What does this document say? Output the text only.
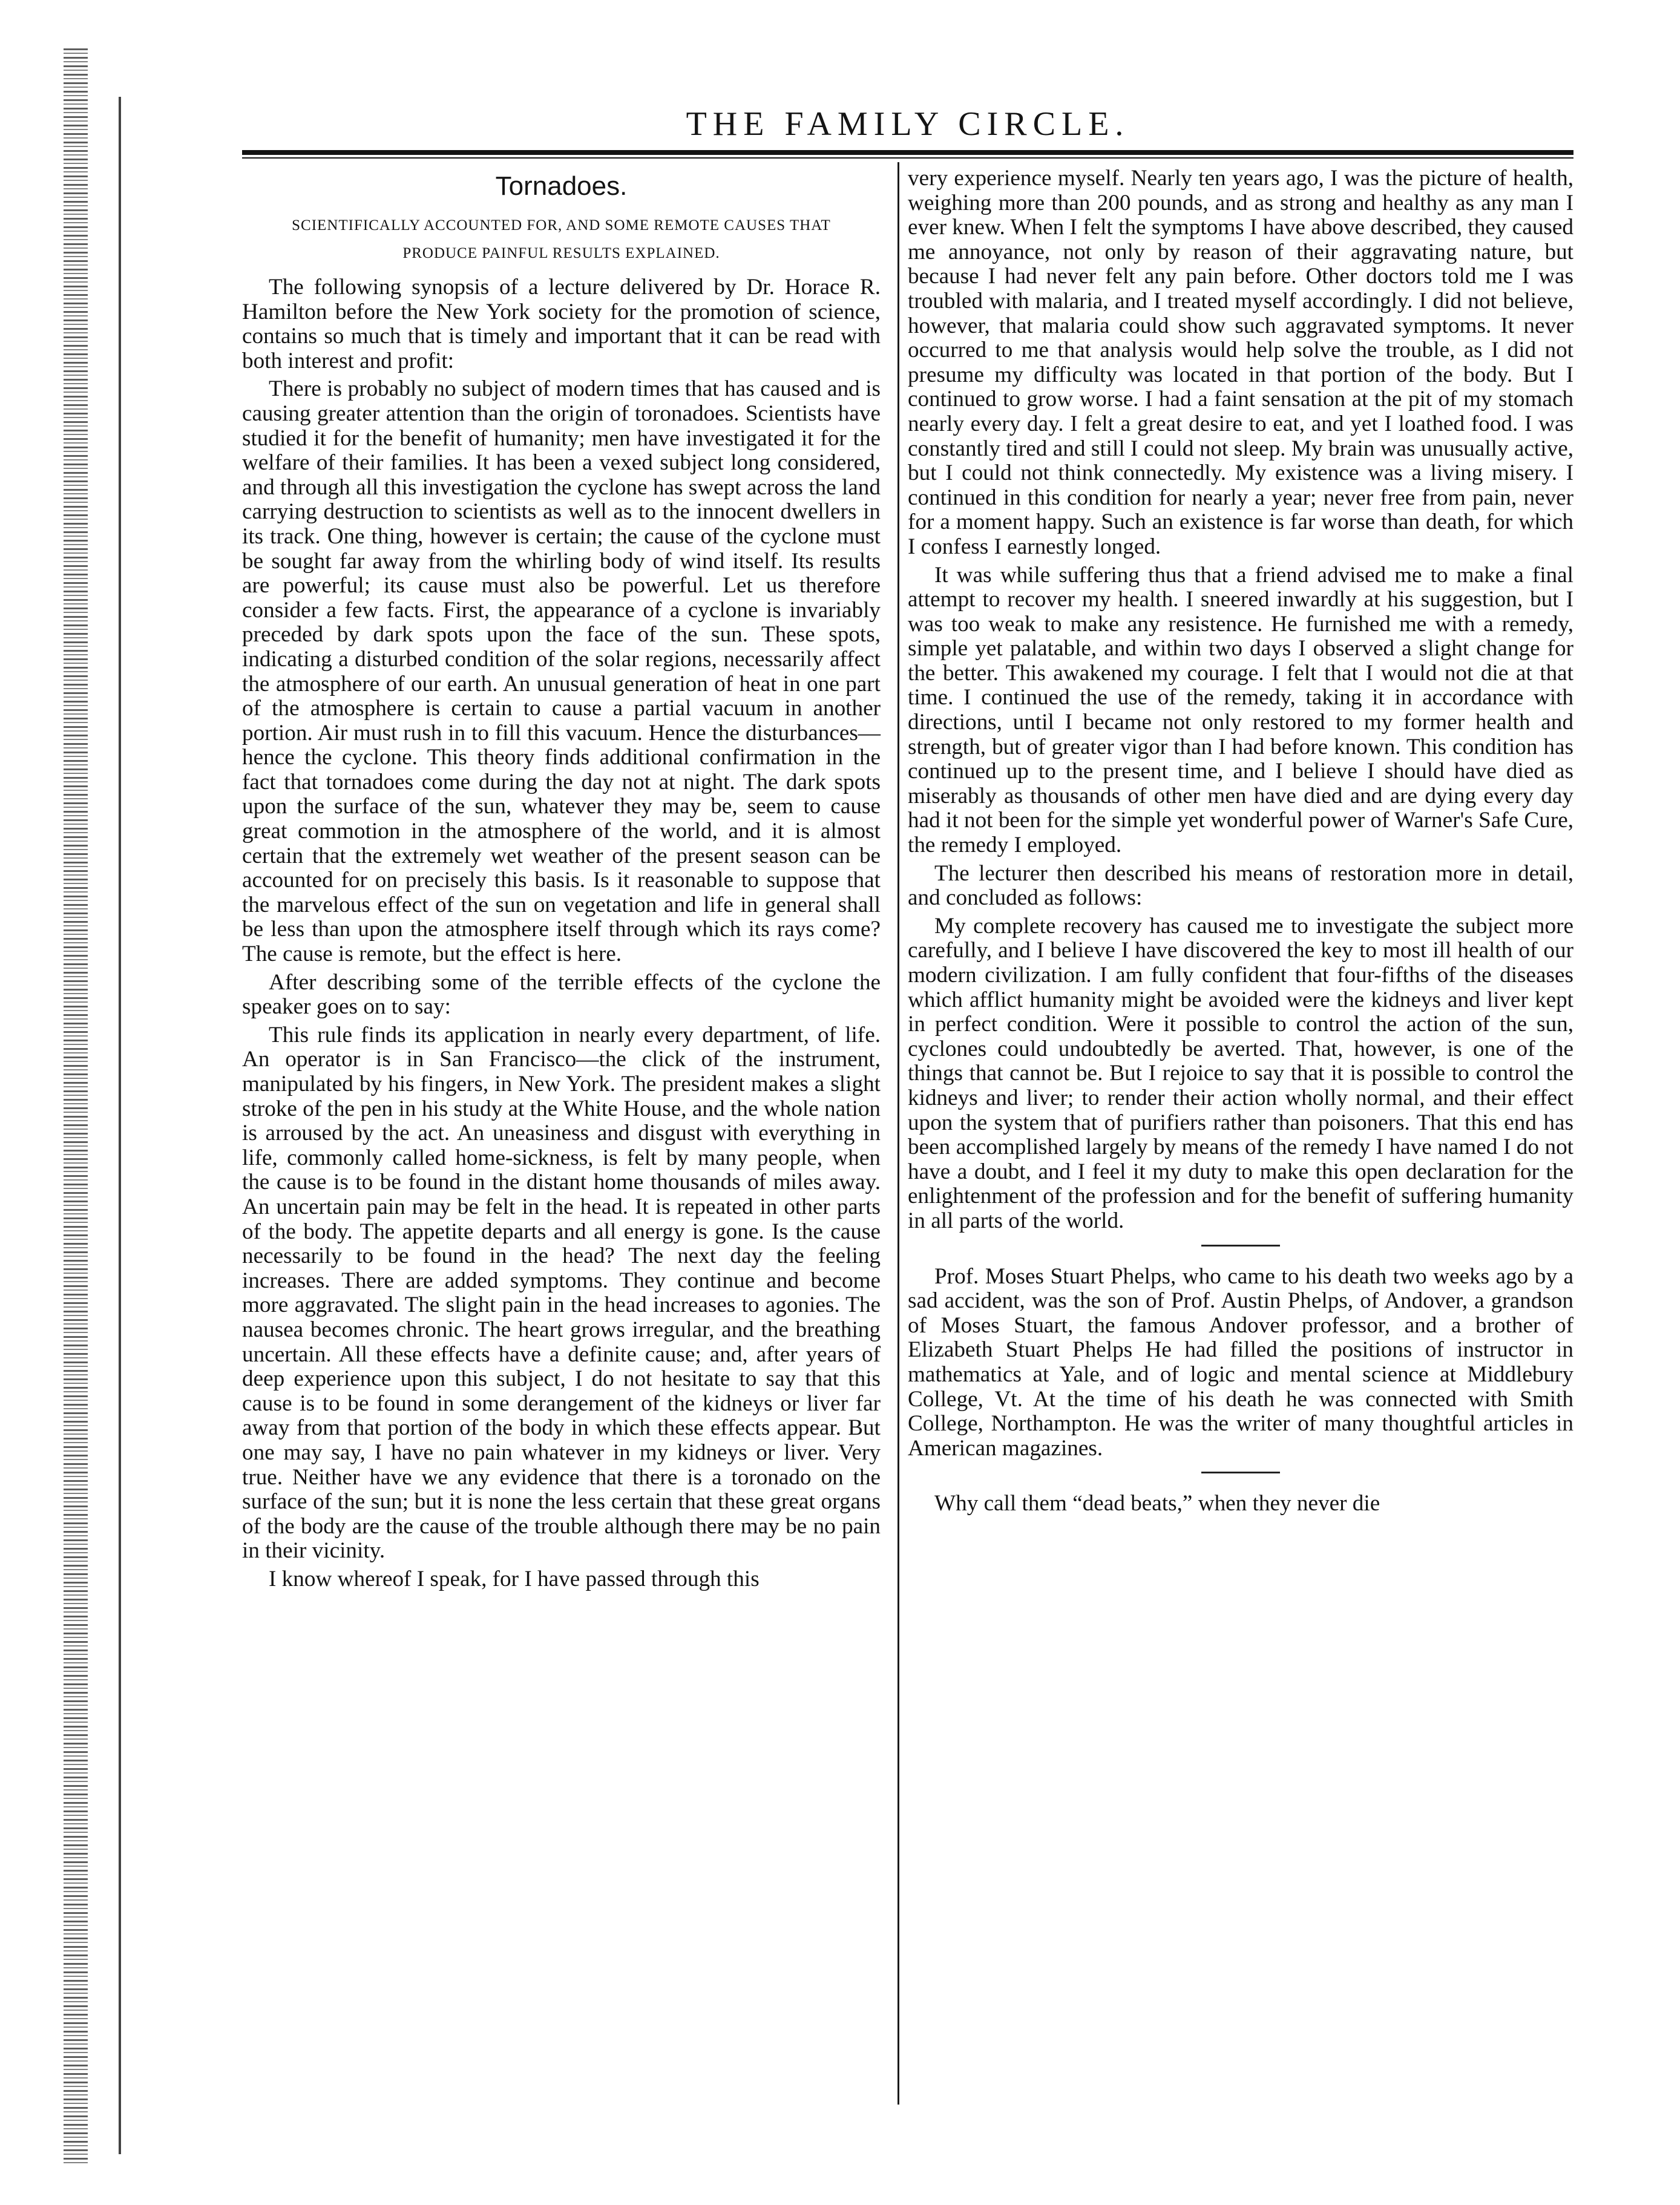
THE FAMILY CIRCLE.
Tornadoes.
SCIENTIFICALLY ACCOUNTED FOR, AND SOME REMOTE CAUSES THAT
PRODUCE PAINFUL RESULTS EXPLAINED.

The following synopsis of a lecture delivered by Dr. Horace R. Hamilton before the New York society for the promotion of science, contains so much that is timely and important that it can be read with both interest and profit:

There is probably no subject of modern times that has caused and is causing greater attention than the origin of toronadoes. Scientists have studied it for the benefit of humanity; men have investigated it for the welfare of their families. It has been a vexed subject long considered, and through all this investigation the cyclone has swept across the land carrying destruction to scientists as well as to the innocent dwellers in its track. One thing, however is certain; the cause of the cyclone must be sought far away from the whirling body of wind itself. Its results are powerful; its cause must also be powerful. Let us therefore consider a few facts. First, the appearance of a cyclone is invariably preceded by dark spots upon the face of the sun. These spots, indicating a disturbed condition of the solar regions, necessarily affect the atmosphere of our earth. An unusual generation of heat in one part of the atmosphere is certain to cause a partial vacuum in another portion. Air must rush in to fill this vacuum. Hence the disturbances—hence the cyclone. This theory finds additional confirmation in the fact that tornadoes come during the day not at night. The dark spots upon the surface of the sun, whatever they may be, seem to cause great commotion in the atmosphere of the world, and it is almost certain that the extremely wet weather of the present season can be accounted for on precisely this basis. Is it reasonable to suppose that the marvelous effect of the sun on vegetation and life in general shall be less than upon the atmosphere itself through which its rays come? The cause is remote, but the effect is here.

After describing some of the terrible effects of the cyclone the speaker goes on to say:

This rule finds its application in nearly every department, of life. An operator is in San Francisco—the click of the instrument, manipulated by his fingers, in New York. The president makes a slight stroke of the pen in his study at the White House, and the whole nation is arroused by the act. An uneasiness and disgust with everything in life, commonly called home-sickness, is felt by many people, when the cause is to be found in the distant home thousands of miles away. An uncertain pain may be felt in the head. It is repeated in other parts of the body. The appetite departs and all energy is gone. Is the cause necessarily to be found in the head? The next day the feeling increases. There are added symptoms. They continue and become more aggravated. The slight pain in the head increases to agonies. The nausea becomes chronic. The heart grows irregular, and the breathing uncertain. All these effects have a definite cause; and, after years of deep experience upon this subject, I do not hesitate to say that this cause is to be found in some derangement of the kidneys or liver far away from that portion of the body in which these effects appear. But one may say, I have no pain whatever in my kidneys or liver. Very true. Neither have we any evidence that there is a toronado on the surface of the sun; but it is none the less certain that these great organs of the body are the cause of the trouble although there may be no pain in their vicinity.

I know whereof I speak, for I have passed through this

very experience myself. Nearly ten years ago, I was the picture of health, weighing more than 200 pounds, and as strong and healthy as any man I ever knew. When I felt the symptoms I have above described, they caused me annoyance, not only by reason of their aggravating nature, but because I had never felt any pain before. Other doctors told me I was troubled with malaria, and I treated myself accordingly. I did not believe, however, that malaria could show such aggravated symptoms. It never occurred to me that analysis would help solve the trouble, as I did not presume my difficulty was located in that portion of the body. But I continued to grow worse. I had a faint sensation at the pit of my stomach nearly every day. I felt a great desire to eat, and yet I loathed food. I was constantly tired and still I could not sleep. My brain was unusually active, but I could not think connectedly. My existence was a living misery. I continued in this condition for nearly a year; never free from pain, never for a moment happy. Such an existence is far worse than death, for which I confess I earnestly longed.

It was while suffering thus that a friend advised me to make a final attempt to recover my health. I sneered inwardly at his suggestion, but I was too weak to make any resistence. He furnished me with a remedy, simple yet palatable, and within two days I observed a slight change for the better. This awakened my courage. I felt that I would not die at that time. I continued the use of the remedy, taking it in accordance with directions, until I became not only restored to my former health and strength, but of greater vigor than I had before known. This condition has continued up to the present time, and I believe I should have died as miserably as thousands of other men have died and are dying every day had it not been for the simple yet wonderful power of Warner's Safe Cure, the remedy I employed.

The lecturer then described his means of restoration more in detail, and concluded as follows:

My complete recovery has caused me to investigate the subject more carefully, and I believe I have discovered the key to most ill health of our modern civilization. I am fully confident that four-fifths of the diseases which afflict humanity might be avoided were the kidneys and liver kept in perfect condition. Were it possible to control the action of the sun, cyclones could undoubtedly be averted. That, however, is one of the things that cannot be. But I rejoice to say that it is possible to control the kidneys and liver; to render their action wholly normal, and their effect upon the system that of purifiers rather than poisoners. That this end has been accomplished largely by means of the remedy I have named I do not have a doubt, and I feel it my duty to make this open declaration for the enlightenment of the profession and for the benefit of suffering humanity in all parts of the world.

Prof. Moses Stuart Phelps, who came to his death two weeks ago by a sad accident, was the son of Prof. Austin Phelps, of Andover, a grandson of Moses Stuart, the famous Andover professor, and a brother of Elizabeth Stuart Phelps He had filled the positions of instructor in mathematics at Yale, and of logic and mental science at Middlebury College, Vt. At the time of his death he was connected with Smith College, Northampton. He was the writer of many thoughtful articles in American magazines.

Why call them “dead beats,” when they never die
